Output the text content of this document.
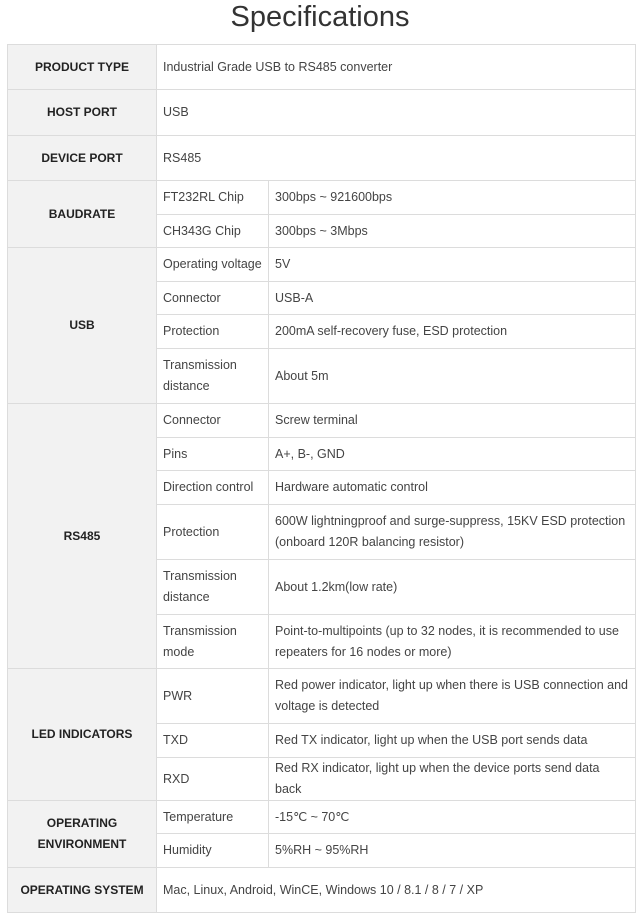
Specifications
PRODUCT TYPE	Industrial Grade USB to RS485 converter	
HOST PORT	USB	
DEVICE PORT	RS485	
BAUDRATE	FT232RL Chip	300bps ~ 921600bps
	CH343G Chip	300bps ~ 3Mbps
USB	Operating voltage	5V
	Connector	USB-A
	Protection	200mA self-recovery fuse, ESD protection
	Transmission distance	About 5m
RS485	Connector	Screw terminal
	Pins	A+, B-, GND
	Direction control	Hardware automatic control
	Protection	600W lightningproof and surge-suppress, 15KV ESD protection (onboard 120R balancing resistor)
	Transmission distance	About 1.2km(low rate)
	Transmission mode	Point-to-multipoints (up to 32 nodes, it is recommended to use repeaters for 16 nodes or more)
LED INDICATORS	PWR	Red power indicator, light up when there is USB connection and voltage is detected
	TXD	Red TX indicator, light up when the USB port sends data
	RXD	Red RX indicator, light up when the device ports send data back
OPERATING ENVIRONMENT	Temperature	-15℃ ~ 70℃
	Humidity	5%RH ~ 95%RH
OPERATING SYSTEM	Mac, Linux, Android, WinCE, Windows 10 / 8.1 / 8 / 7 / XP	
